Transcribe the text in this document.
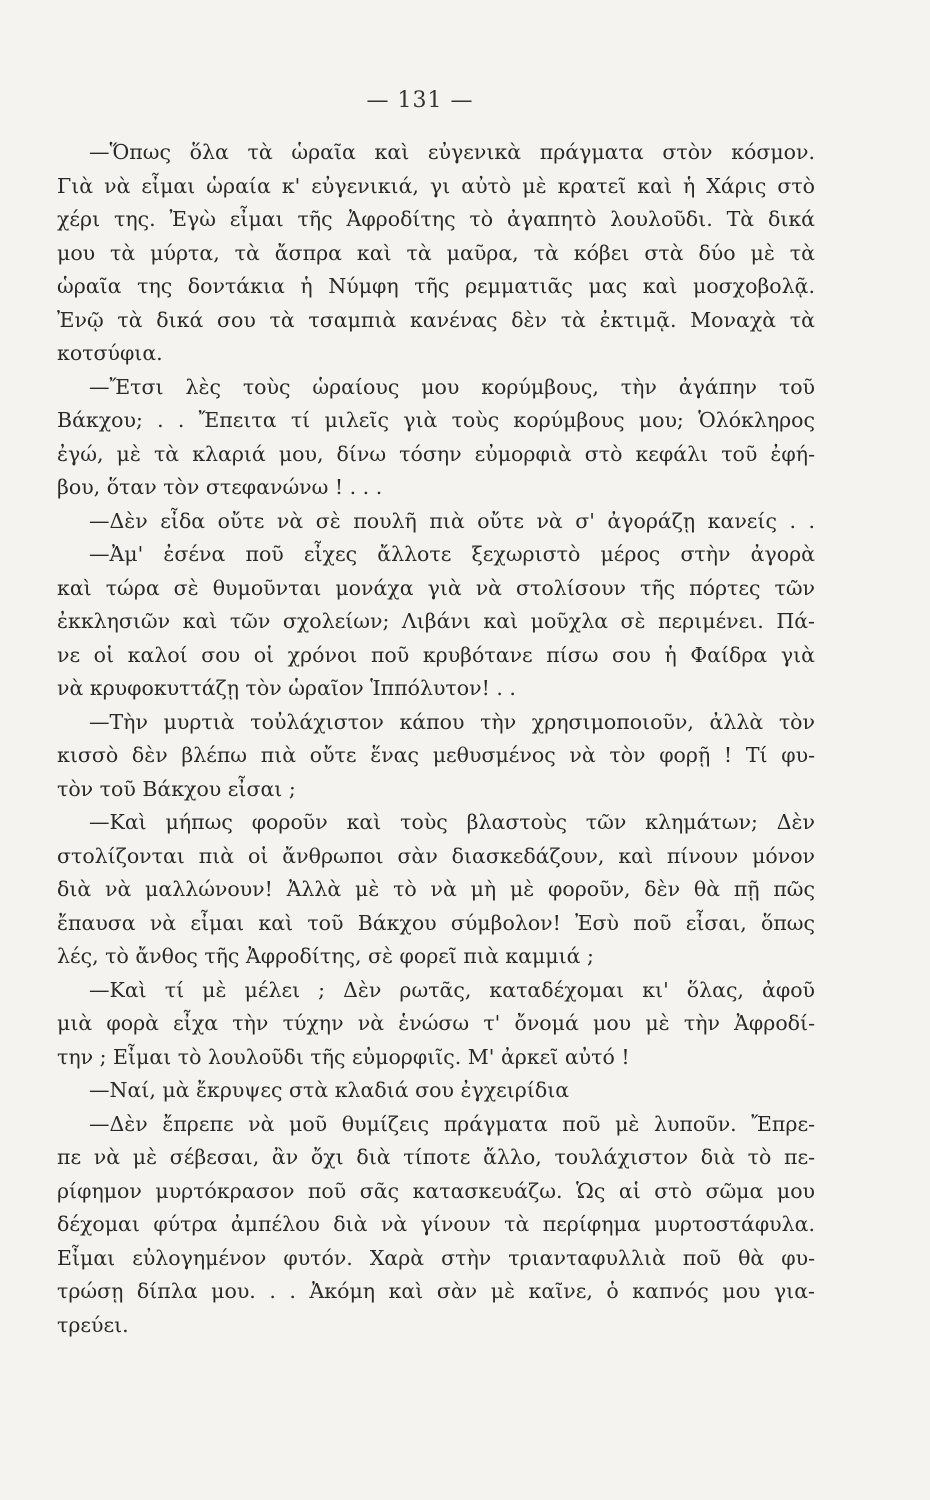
— 131 —
—Ὅπως ὅλα τὰ ὡραῖα καὶ εὐγενικὰ πράγματα στὸν κόσμον.
Γιὰ νὰ εἶμαι ὡραία κ' εὐγενικιά, γι αὐτὸ μὲ κρατεῖ καὶ ἡ Χάρις στὸ
χέρι της. Ἐγὼ εἶμαι τῆς Ἀφροδίτης τὸ ἀγαπητὸ λουλοῦδι. Τὰ δικά
μου τὰ μύρτα, τὰ ἄσπρα καὶ τὰ μαῦρα, τὰ κόβει στὰ δύο μὲ τὰ
ὡραῖα της δοντάκια ἡ Νύμφη τῆς ρεμματιᾶς μας καὶ μοσχοβολᾷ.
Ἐνῷ τὰ δικά σου τὰ τσαμπιὰ κανένας δὲν τὰ ἐκτιμᾷ. Μοναχὰ τὰ
κοτσύφια.
—Ἔτσι λὲς τοὺς ὡραίους μου κορύμβους, τὴν ἀγάπην τοῦ
Βάκχου; . . Ἔπειτα τί μιλεῖς γιὰ τοὺς κορύμβους μου; Ὁλόκληρος
ἐγώ, μὲ τὰ κλαριά μου, δίνω τόσην εὐμορφιὰ στὸ κεφάλι τοῦ ἐφή-
βου, ὅταν τὸν στεφανώνω ! . . .
—Δὲν εἶδα οὔτε νὰ σὲ πουλῆ πιὰ οὔτε νὰ σ' ἀγοράζῃ κανείς . .
—Ἀμ' ἐσένα ποῦ εἶχες ἄλλοτε ξεχωριστὸ μέρος στὴν ἀγορὰ
καὶ τώρα σὲ θυμοῦνται μονάχα γιὰ νὰ στολίσουν τῆς πόρτες τῶν
ἐκκλησιῶν καὶ τῶν σχολείων; Λιβάνι καὶ μοῦχλα σὲ περιμένει. Πά-
νε οἱ καλοί σου οἱ χρόνοι ποῦ κρυβότανε πίσω σου ἡ Φαίδρα γιὰ
νὰ κρυφοκυττάζῃ τὸν ὡραῖον Ἱππόλυτον! . .
—Τὴν μυρτιὰ τοὐλάχιστον κάπου τὴν χρησιμοποιοῦν, ἀλλὰ τὸν
κισσὸ δὲν βλέπω πιὰ οὔτε ἕνας μεθυσμένος νὰ τὸν φορῇ ! Τί φυ-
τὸν τοῦ Βάκχου εἶσαι ;
—Καὶ μήπως φοροῦν καὶ τοὺς βλαστοὺς τῶν κλημάτων; Δὲν
στολίζονται πιὰ οἱ ἄνθρωποι σὰν διασκεδάζουν, καὶ πίνουν μόνον
διὰ νὰ μαλλώνουν! Ἀλλὰ μὲ τὸ νὰ μὴ μὲ φοροῦν, δὲν θὰ πῇ πῶς
ἔπαυσα νὰ εἶμαι καὶ τοῦ Βάκχου σύμβολον! Ἐσὺ ποῦ εἶσαι, ὅπως
λές, τὸ ἄνθος τῆς Ἀφροδίτης, σὲ φορεῖ πιὰ καμμιά ;
—Καὶ τί μὲ μέλει ; Δὲν ρωτᾶς, καταδέχομαι κι' ὅλας, ἀφοῦ
μιὰ φορὰ εἶχα τὴν τύχην νὰ ἑνώσω τ' ὄνομά μου μὲ τὴν Ἀφροδί-
την ; Εἶμαι τὸ λουλοῦδι τῆς εὐμορφιῖς. Μ' ἀρκεῖ αὐτό !
—Ναί, μὰ ἔκρυψες στὰ κλαδιά σου ἐγχειρίδια
—Δὲν ἔπρεπε νὰ μοῦ θυμίζεις πράγματα ποῦ μὲ λυποῦν. Ἔπρε-
πε νὰ μὲ σέβεσαι, ἂν ὄχι διὰ τίποτε ἄλλο, τουλάχιστον διὰ τὸ πε-
ρίφημον μυρτόκρασον ποῦ σᾶς κατασκευάζω. Ὡς αἱ στὸ σῶμα μου
δέχομαι φύτρα ἀμπέλου διὰ νὰ γίνουν τὰ περίφημα μυρτοστάφυλα.
Εἶμαι εὐλογημένον φυτόν. Χαρὰ στὴν τριανταφυλλιὰ ποῦ θὰ φυ-
τρώσῃ δίπλα μου. . . Ἀκόμη καὶ σὰν μὲ καῖνε, ὁ καπνός μου για-
τρεύει.
